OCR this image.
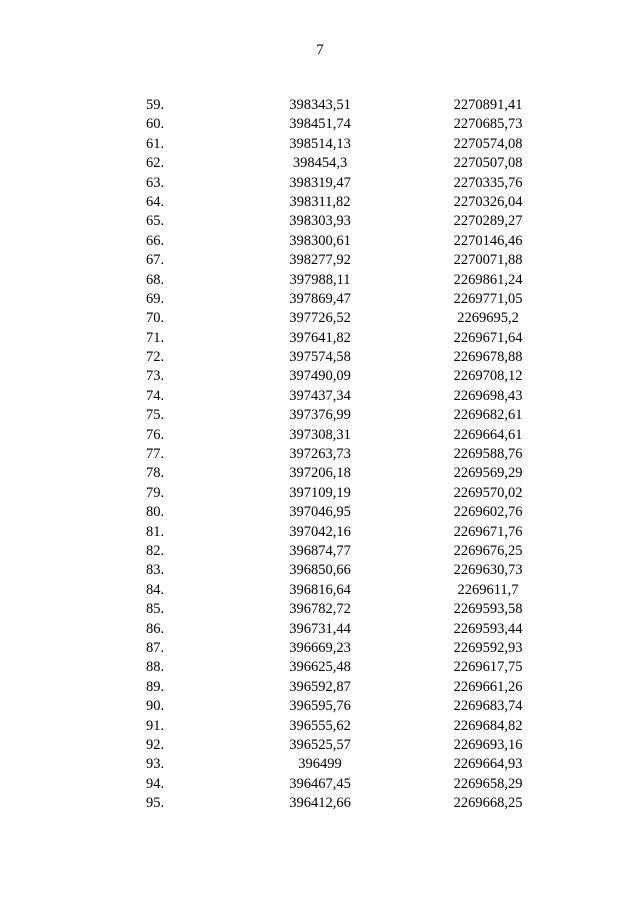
7
59.	398343,51	2270891,41
60.	398451,74	2270685,73
61.	398514,13	2270574,08
62.	398454,3	2270507,08
63.	398319,47	2270335,76
64.	398311,82	2270326,04
65.	398303,93	2270289,27
66.	398300,61	2270146,46
67.	398277,92	2270071,88
68.	397988,11	2269861,24
69.	397869,47	2269771,05
70.	397726,52	2269695,2
71.	397641,82	2269671,64
72.	397574,58	2269678,88
73.	397490,09	2269708,12
74.	397437,34	2269698,43
75.	397376,99	2269682,61
76.	397308,31	2269664,61
77.	397263,73	2269588,76
78.	397206,18	2269569,29
79.	397109,19	2269570,02
80.	397046,95	2269602,76
81.	397042,16	2269671,76
82.	396874,77	2269676,25
83.	396850,66	2269630,73
84.	396816,64	2269611,7
85.	396782,72	2269593,58
86.	396731,44	2269593,44
87.	396669,23	2269592,93
88.	396625,48	2269617,75
89.	396592,87	2269661,26
90.	396595,76	2269683,74
91.	396555,62	2269684,82
92.	396525,57	2269693,16
93.	396499	2269664,93
94.	396467,45	2269658,29
95.	396412,66	2269668,25
